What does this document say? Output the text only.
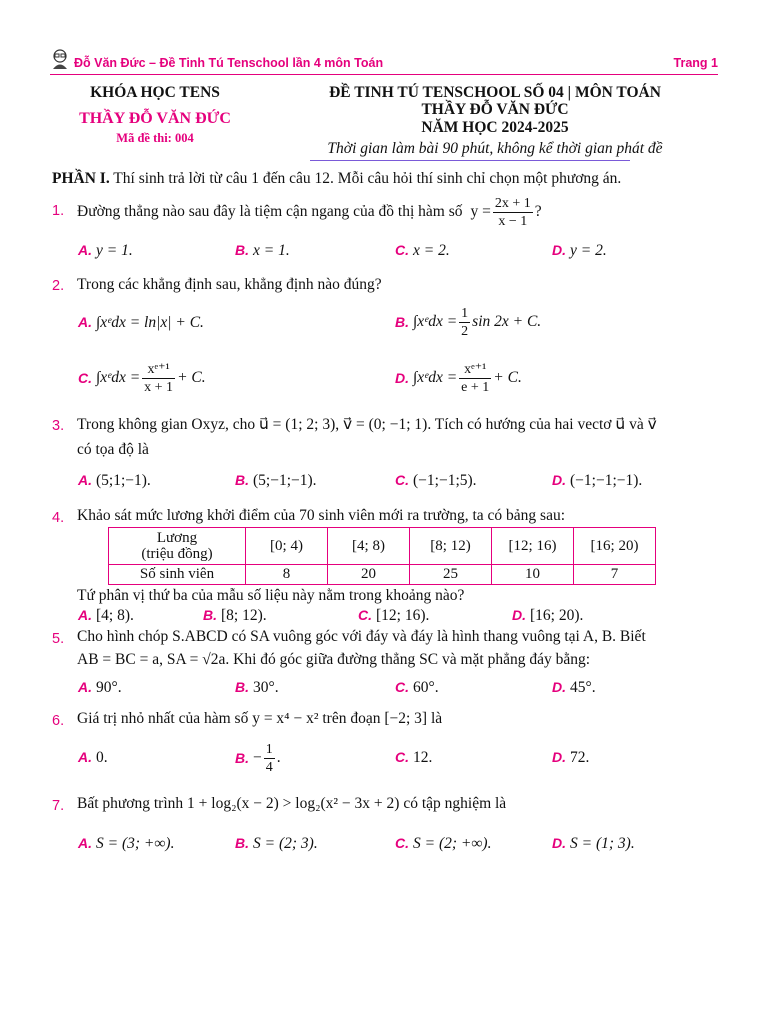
Đỗ Văn Đức – Đề Tinh Tú Tenschool lần 4 môn Toán	Trang 1
KHÓA HỌC TENS
THẦY ĐỖ VĂN ĐỨC
Mã đề thi: 004
ĐỀ TINH TÚ TENSCHOOL SỐ 04 | MÔN TOÁN
THẦY ĐỖ VĂN ĐỨC
NĂM HỌC 2024-2025
Thời gian làm bài 90 phút, không kể thời gian phát đề
PHẦN I. Thí sinh trả lời từ câu 1 đến câu 12. Mỗi câu hỏi thí sinh chỉ chọn một phương án.
1. Đường thẳng nào sau đây là tiệm cận ngang của đồ thị hàm số $y = \frac{2x + 1}{x - 1}$ ?
A. y = 1.	B. x = 1.	C. x = 2.	D. y = 2.
2. Trong các khẳng định sau, khẳng định nào đúng?
A. ∫xᵉdx = ln|x| + C.	B. ∫xᵉdx = $\frac{1}{2}$ sin 2x + C.
C. ∫xᵉdx = $\frac{\text{xᵉ⁺¹}}{x + 1} + C$.	D. ∫xᵉdx = $\frac{\text{xᵉ⁺¹}}{e + 1} + C$.
3. Trong không gian Oxyz, cho u⃗ = (1; 2; 3), v⃗ = (0; −1; 1). Tích có hướng của hai vectơ u⃗ và v⃗
có tọa độ là
A. (5;1;−1).	B. (5;−1;−1).	C. (−1;−1;5).	D. (−1;−1;−1).
4. Khảo sát mức lương khởi điểm của 70 sinh viên mới ra trường, ta có bảng sau:
Lương
(triệu đồng)	[0; 4)	[4; 8)	[8; 12)	[12; 16)	[16; 20)
Số sinh viên	8	20	25	10	7
Tứ phân vị thứ ba của mẫu số liệu này nằm trong khoảng nào?
A. [4; 8).	B. [8; 12).	C. [12; 16).	D. [16; 20).
5. Cho hình chóp S.ABCD có SA vuông góc với đáy và đáy là hình thang vuông tại A, B. Biết
AB = BC = a, SA = √2a. Khi đó góc giữa đường thẳng SC và mặt phẳng đáy bằng:
A. 90°.	B. 30°.	C. 60°.	D. 45°.
6. Giá trị nhỏ nhất của hàm số y = x⁴ − x² trên đoạn [−2; 3] là
A. 0.	B. − $\frac{1}{4}$ .	C. 12.	D. 72.
7. Bất phương trình 1 + log₂(x − 2) > log₂(x² − 3x + 2) có tập nghiệm là
A. S = (3; +∞).	B. S = (2; 3).	C. S = (2; +∞).	D. S = (1; 3).
